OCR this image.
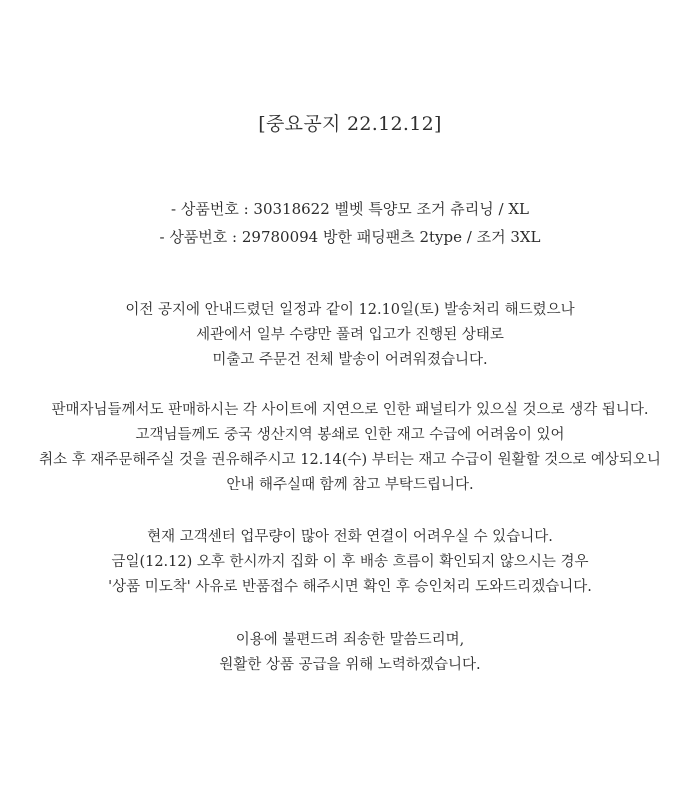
[중요공지 22.12.12]
- 상품번호 : 30318622 벨벳 특양모 조거 츄리닝 / XL
- 상품번호 : 29780094 방한 패딩팬츠 2type / 조거 3XL
이전 공지에 안내드렸던 일정과 같이 12.10일(토) 발송처리 해드렸으나
세관에서 일부 수량만 풀려 입고가 진행된 상태로
미출고 주문건 전체 발송이 어려워졌습니다.
판매자님들께서도 판매하시는 각 사이트에 지연으로 인한 패널티가 있으실 것으로 생각 됩니다.
고객님들께도 중국 생산지역 봉쇄로 인한 재고 수급에 어려움이 있어
취소 후 재주문해주실 것을 권유해주시고 12.14(수) 부터는 재고 수급이 원활할 것으로 예상되오니
안내 해주실때 함께 참고 부탁드립니다.
현재 고객센터 업무량이 많아 전화 연결이 어려우실 수 있습니다.
금일(12.12) 오후 한시까지 집화 이 후 배송 흐름이 확인되지 않으시는 경우
'상품 미도착' 사유로 반품접수 해주시면 확인 후 승인처리 도와드리겠습니다.
이용에 불편드려 죄송한 말씀드리며,
원활한 상품 공급을 위해 노력하겠습니다.
